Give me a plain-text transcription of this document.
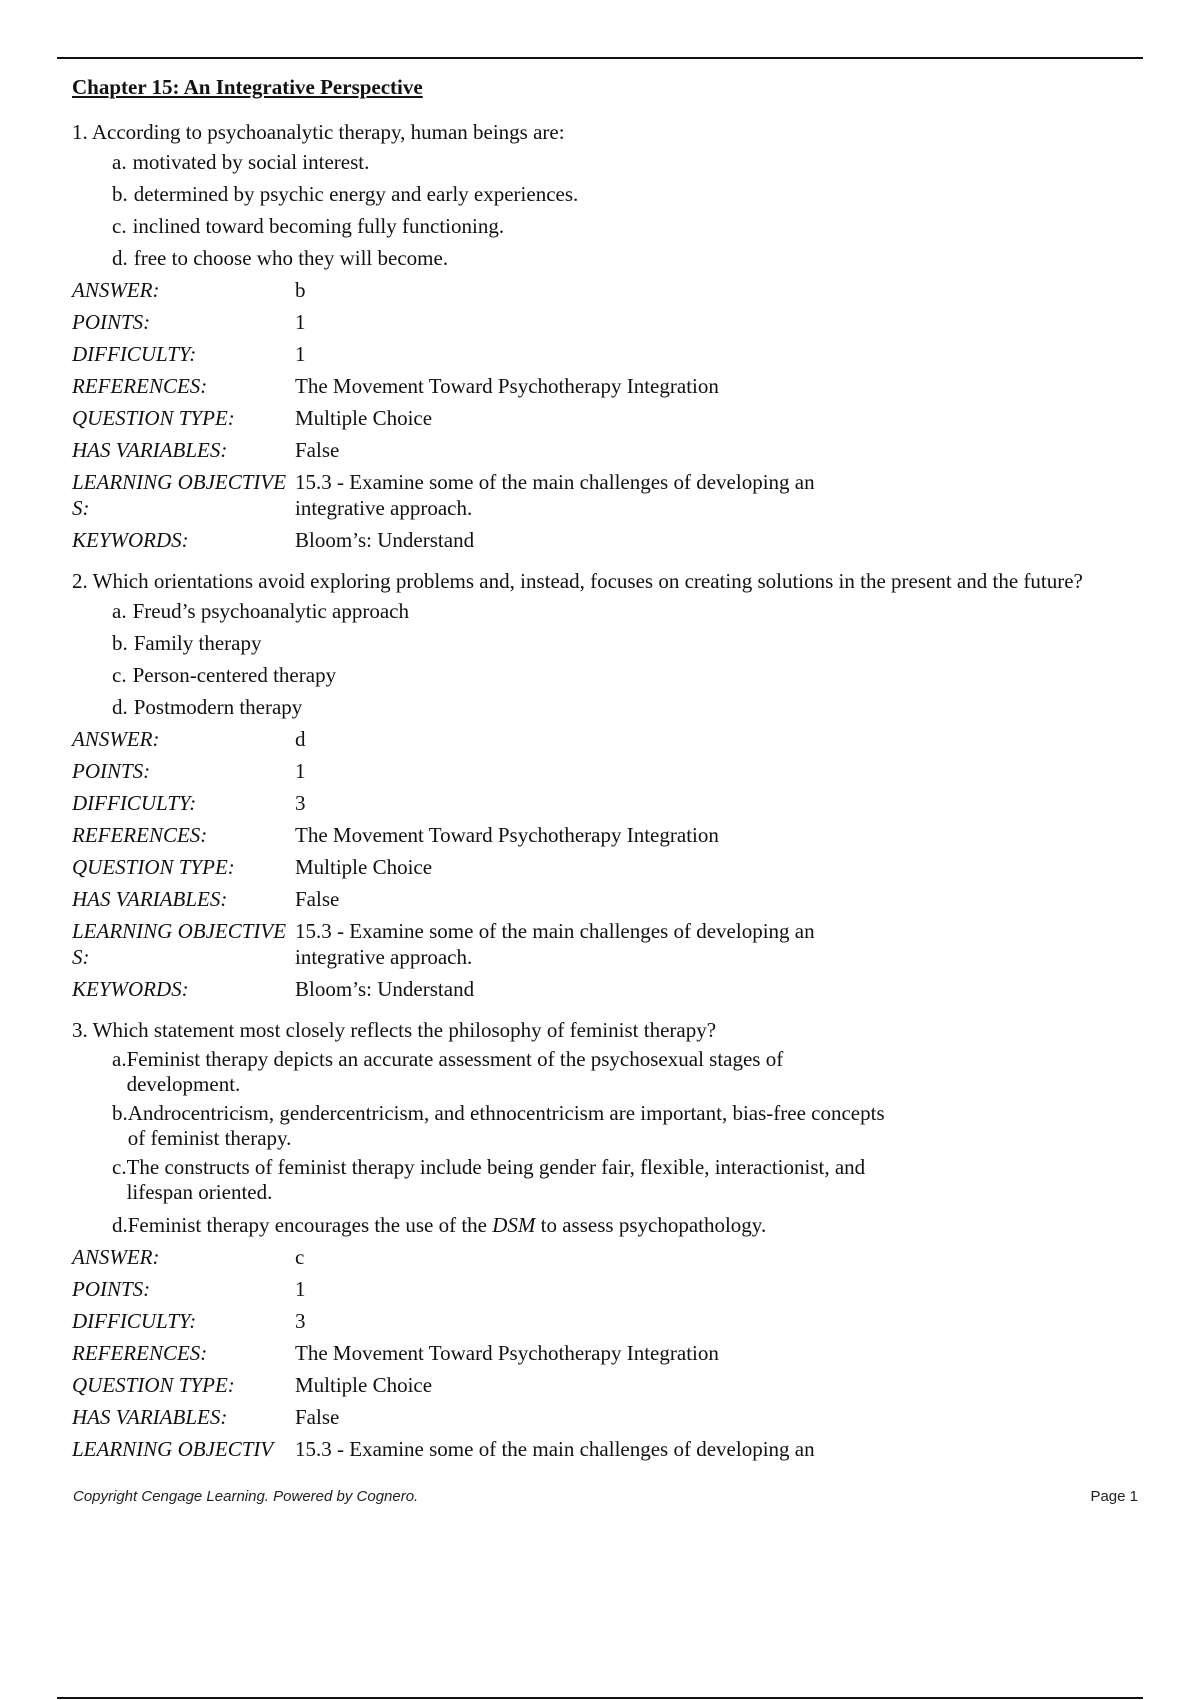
Chapter 15: An Integrative Perspective

1. According to psychoanalytic therapy, human beings are:

a. motivated by social interest.
b. determined by psychic energy and early experiences.
c. inclined toward becoming fully functioning.
d. free to choose who they will become.
ANSWER:	b
POINTS:	1
DIFFICULTY:	1
REFERENCES:	The Movement Toward Psychotherapy Integration
QUESTION TYPE:	Multiple Choice
HAS VARIABLES:	False
LEARNING OBJECTIVES:
15.3 - Examine some of the main challenges of developing an integrative approach.
KEYWORDS:	Bloom’s: Understand

2. Which orientations avoid exploring problems and, instead, focuses on creating solutions in the present and the future?

a. Freud’s psychoanalytic approach
b. Family therapy
c. Person-centered therapy
d. Postmodern therapy
ANSWER:	d
POINTS:	1
DIFFICULTY:	3
REFERENCES:	The Movement Toward Psychotherapy Integration
QUESTION TYPE:	Multiple Choice
HAS VARIABLES:	False
LEARNING OBJECTIVES:
15.3 - Examine some of the main challenges of developing an integrative approach.
KEYWORDS:	Bloom’s: Understand

3. Which statement most closely reflects the philosophy of feminist therapy?

a. Feminist therapy depicts an accurate assessment of the psychosexual stages of development.
b. Androcentricism, gendercentricism, and ethnocentricism are important, bias-free concepts of feminist therapy.
c. The constructs of feminist therapy include being gender fair, flexible, interactionist, and lifespan oriented.
d. Feminist therapy encourages the use of the DSM to assess psychopathology.
ANSWER:	c
POINTS:	1
DIFFICULTY:	3
REFERENCES:	The Movement Toward Psychotherapy Integration
QUESTION TYPE:	Multiple Choice
HAS VARIABLES:	False
LEARNING OBJECTIV	15.3 - Examine some of the main challenges of developing an
Copyright Cengage Learning. Powered by Cognero.	Page 1
